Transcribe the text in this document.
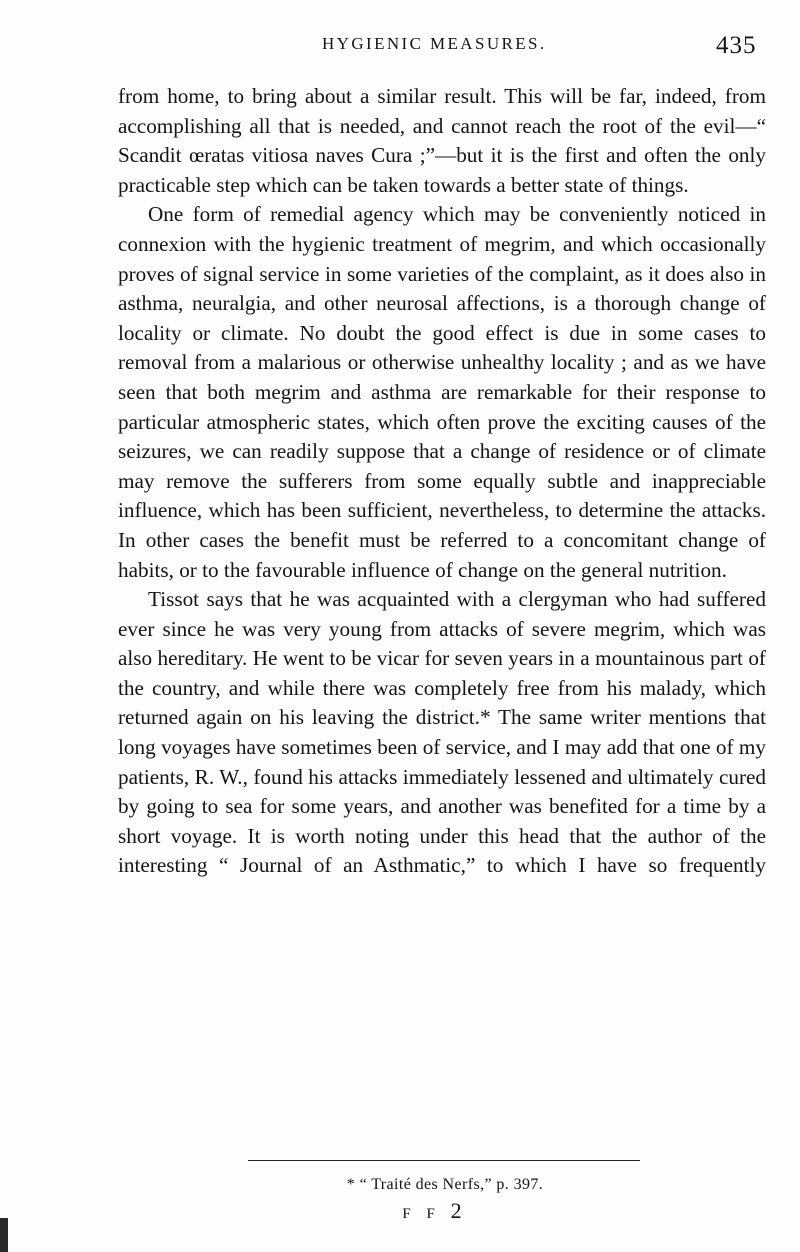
HYGIENIC MEASURES.	435

from home, to bring about a similar result. This will be far, indeed, from accomplishing all that is needed, and cannot reach the root of the evil—“ Scandit œratas vitiosa naves Cura ;”—but it is the first and often the only practicable step which can be taken towards a better state of things.

One form of remedial agency which may be conveniently noticed in connexion with the hygienic treatment of megrim, and which occasionally proves of signal service in some varieties of the complaint, as it does also in asthma, neuralgia, and other neurosal affections, is a thorough change of locality or climate. No doubt the good effect is due in some cases to removal from a malarious or otherwise unhealthy locality ; and as we have seen that both megrim and asthma are remarkable for their response to particular atmospheric states, which often prove the exciting causes of the seizures, we can readily suppose that a change of residence or of climate may remove the sufferers from some equally subtle and inappreciable influence, which has been sufficient, nevertheless, to determine the attacks. In other cases the benefit must be referred to a concomitant change of habits, or to the favourable influence of change on the general nutrition.

Tissot says that he was acquainted with a clergyman who had suffered ever since he was very young from attacks of severe megrim, which was also hereditary. He went to be vicar for seven years in a mountainous part of the country, and while there was completely free from his malady, which returned again on his leaving the district.* The same writer mentions that long voyages have sometimes been of service, and I may add that one of my patients, R. W., found his attacks immediately lessened and ultimately cured by going to sea for some years, and another was benefited for a time by a short voyage. It is worth noting under this head that the author of the interesting “ Journal of an Asthmatic,” to which I have so frequently

* “ Traité des Nerfs,” p. 397.
F F 2
